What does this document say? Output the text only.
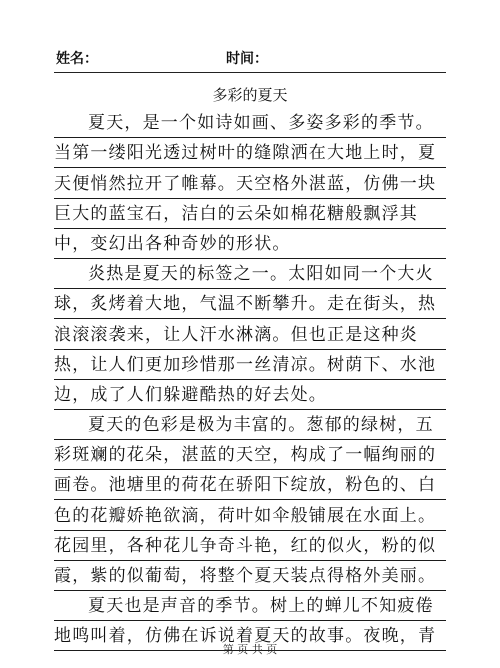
姓名：	时间：
多彩的夏天
夏天，是一个如诗如画、多姿多彩的季节。
当第一缕阳光透过树叶的缝隙洒在大地上时，夏
天便悄然拉开了帷幕。天空格外湛蓝，仿佛一块
巨大的蓝宝石，洁白的云朵如棉花糖般飘浮其
中，变幻出各种奇妙的形状。
炎热是夏天的标签之一。太阳如同一个大火
球，炙烤着大地，气温不断攀升。走在街头，热
浪滚滚袭来，让人汗水淋漓。但也正是这种炎
热，让人们更加珍惜那一丝清凉。树荫下、水池
边，成了人们躲避酷热的好去处。
夏天的色彩是极为丰富的。葱郁的绿树，五
彩斑斓的花朵，湛蓝的天空，构成了一幅绚丽的
画卷。池塘里的荷花在骄阳下绽放，粉色的、白
色的花瓣娇艳欲滴，荷叶如伞般铺展在水面上。
花园里，各种花儿争奇斗艳，红的似火，粉的似
霞，紫的似葡萄，将整个夏天装点得格外美丽。
夏天也是声音的季节。树上的蝉儿不知疲倦
地鸣叫着，仿佛在诉说着夏天的故事。夜晚，青
第 页 共 页
